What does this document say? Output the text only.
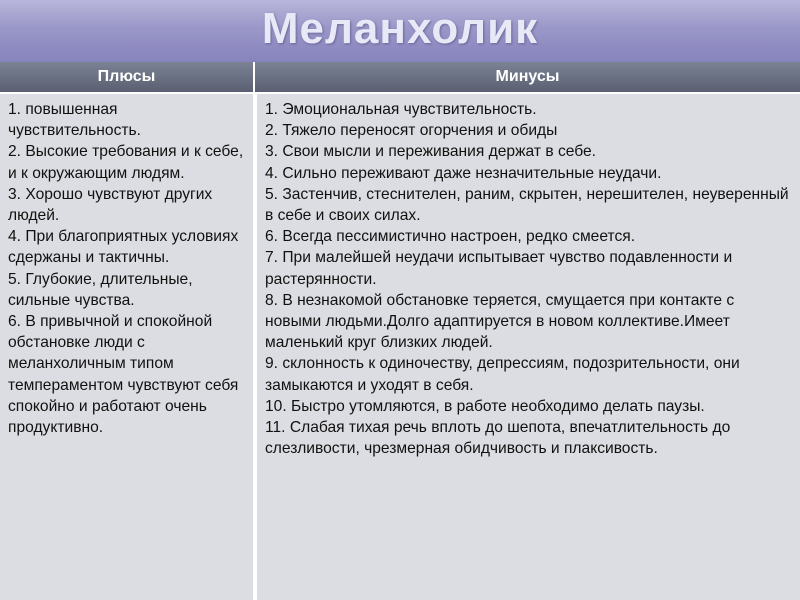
Меланхолик
Плюсы	Минусы

1. повышенная чувствительность.

2. Высокие требования и к себе, и к окружающим людям.

3. Хорошо чувствуют других людей.

4. При благоприятных условиях сдержаны и тактичны.

5. Глубокие, длительные, сильные чувства.

6. В привычной и спокойной обстановке люди с меланхоличным типом темпераментом чувствуют себя спокойно и работают очень продуктивно.

1. Эмоциональная чувствительность.

2. Тяжело переносят огорчения и обиды

3. Свои мысли и переживания держат в себе.

4. Сильно переживают даже незначительные неудачи.

5. Застенчив, стеснителен, раним, скрытен, нерешителен, неуверенный в себе и своих силах.

6. Всегда пессимистично настроен, редко смеется.

7. При малейшей неудачи испытывает чувство подавленности и растерянности.

8. В незнакомой обстановке теряется, смущается при контакте с новыми людьми.Долго адаптируется в новом коллективе.Имеет маленький круг близких людей.

9. склонность к одиночеству, депрессиям, подозрительности, они замыкаются и уходят в себя.

10. Быстро утомляются, в работе необходимо делать паузы.

11. Слабая тихая речь вплоть до шепота, впечатлительность до слезливости, чрезмерная обидчивость и плаксивость.
